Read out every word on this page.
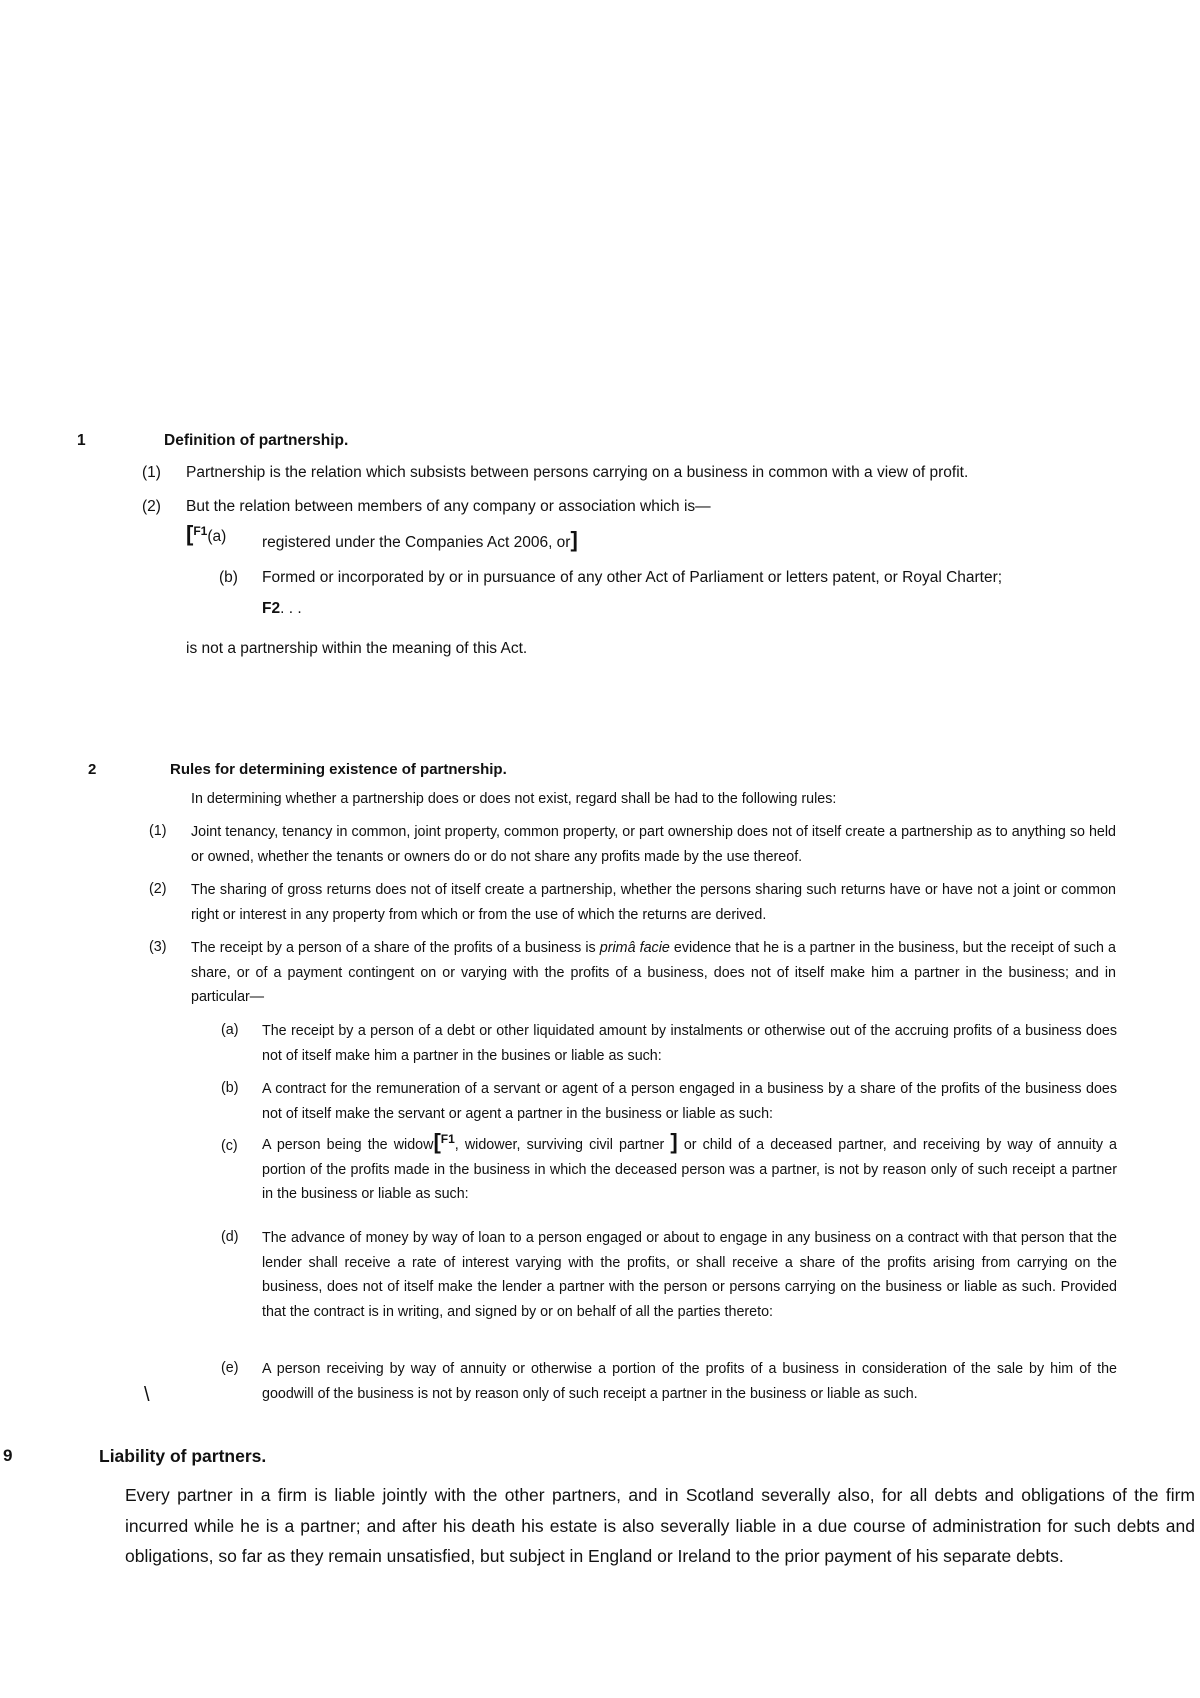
1	Definition of partnership.
(1) Partnership is the relation which subsists between persons carrying on a business in common with a view of profit.
(2) But the relation between members of any company or association which is—
[$^{F1}$(a) registered under the Companies Act 2006, or]
(b) Formed or incorporated by or in pursuance of any other Act of Parliament or letters patent, or Royal Charter;
F2. . .
is not a partnership within the meaning of this Act.
2	Rules for determining existence of partnership.
In determining whether a partnership does or does not exist, regard shall be had to the following rules:
(1)	Joint tenancy, tenancy in common, joint property, common property, or part ownership does not of itself create a partnership as to anything so held or owned, whether the tenants or owners do or do not share any profits made by the use thereof.
(2)	The sharing of gross returns does not of itself create a partnership, whether the persons sharing such returns have or have not a joint or common right or interest in any property from which or from the use of which the returns are derived.
(3)	The receipt by a person of a share of the profits of a business is primâ facie evidence that he is a partner in the business, but the receipt of such a share, or of a payment contingent on or varying with the profits of a business, does not of itself make him a partner in the business; and in particular—
(a)	The receipt by a person of a debt or other liquidated amount by instalments or otherwise out of the accruing profits of a business does not of itself make him a partner in the busines or liable as such:
(b)	A contract for the remuneration of a servant or agent of a person engaged in a business by a share of the profits of the business does not of itself make the servant or agent a partner in the business or liable as such:
(c)	A person being the widow[$^{F1}$, widower, surviving civil partner ] or child of a deceased partner, and receiving by way of annuity a portion of the profits made in the business in which the deceased person was a partner, is not by reason only of such receipt a partner in the business or liable as such:
(d)	The advance of money by way of loan to a person engaged or about to engage in any business on a contract with that person that the lender shall receive a rate of interest varying with the profits, or shall receive a share of the profits arising from carrying on the business, does not of itself make the lender a partner with the person or persons carrying on the business or liable as such. Provided that the contract is in writing, and signed by or on behalf of all the parties thereto:
(e)	A person receiving by way of annuity or otherwise a portion of the profits of a business in consideration of the sale by him of the goodwill of the business is not by reason only of such receipt a partner in the business or liable as such.
\
9	Liability of partners.
Every partner in a firm is liable jointly with the other partners, and in Scotland severally also, for all debts and obligations of the firm incurred while he is a partner; and after his death his estate is also severally liable in a due course of administration for such debts and obligations, so far as they remain unsatisfied, but subject in England or Ireland to the prior payment of his separate debts.
